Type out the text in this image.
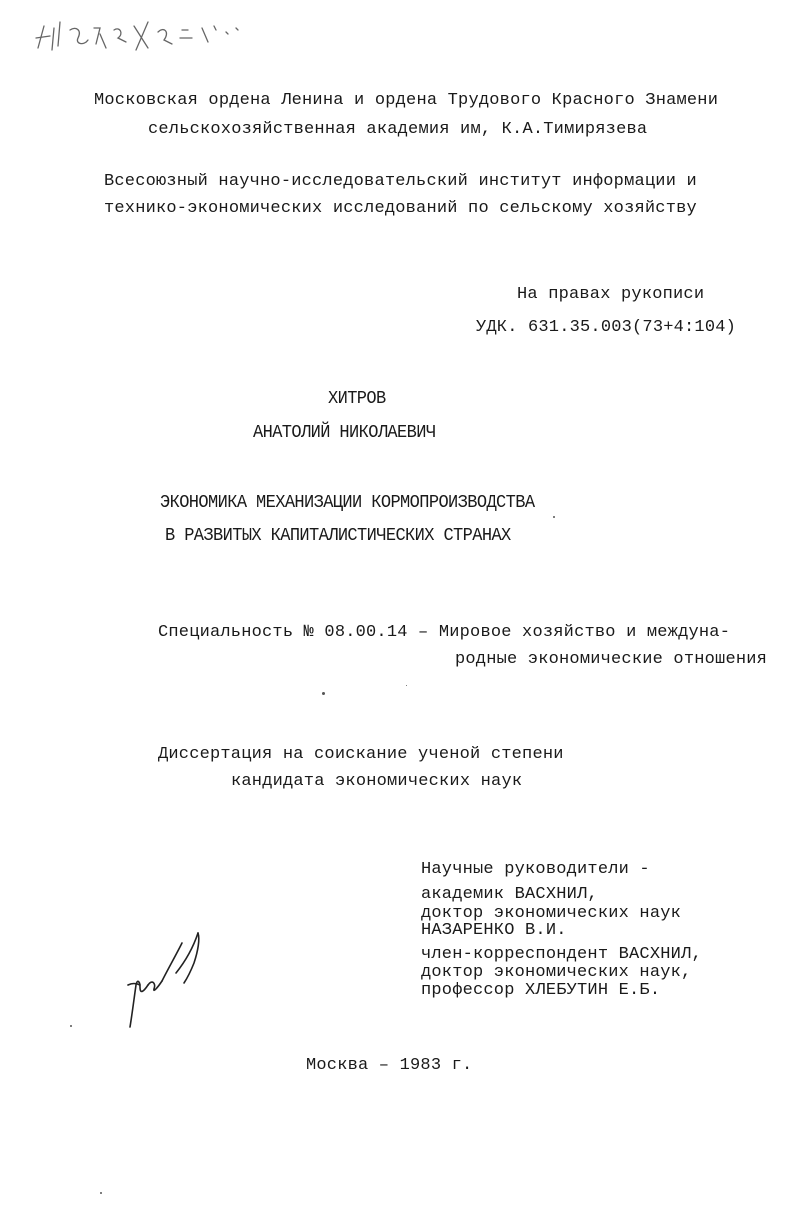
Московская ордена Ленина и ордена Трудового Красного Знамени
сельскохозяйственная академия им, К.А.Тимирязева
Всесоюзный научно-исследовательский институт информации и
технико-экономических исследований по сельскому хозяйству
На правах рукописи
УДК. 631.35.003(73+4:104)
ХИТРОВ
АНАТОЛИЙ НИКОЛАЕВИЧ
ЭКОНОМИКА МЕХАНИЗАЦИИ КОРМОПРОИЗВОДСТВА
В РАЗВИТЫХ КАПИТАЛИСТИЧЕСКИХ СТРАНАХ
Специальность № 08.00.14 – Мировое хозяйство и междуна-
родные экономические отношения
Диссертация на соискание ученой степени
кандидата экономических наук
Научные руководители -
академик ВАСХНИЛ,
доктор экономических наук
НАЗАРЕНКО В.И.
член-корреспондент ВАСХНИЛ,
доктор экономических наук,
профессор ХЛЕБУТИН Е.Б.
Москва – 1983 г.
